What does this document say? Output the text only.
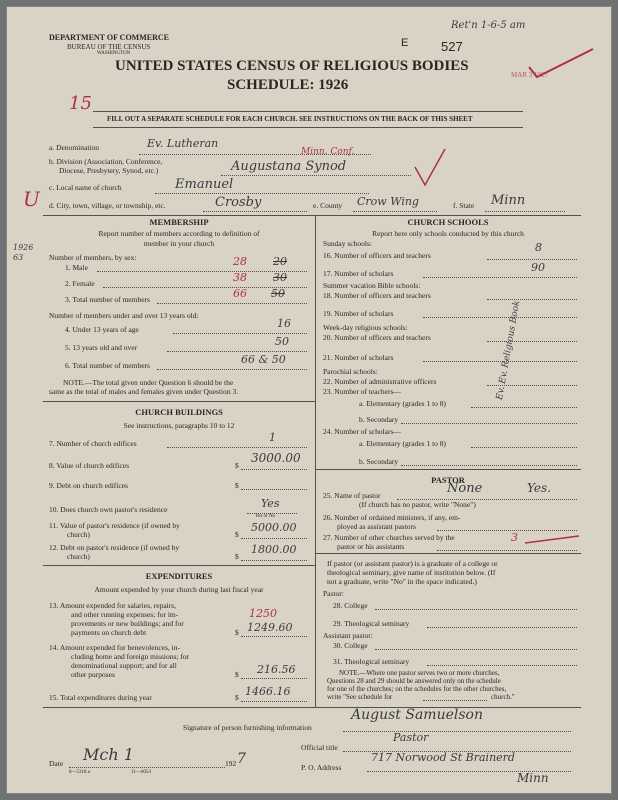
DEPARTMENT OF COMMERCE
BUREAU OF THE CENSUS
WASHINGTON
E	527
Ret'n 1-6-5 am
MAR 3 1927
UNITED STATES CENSUS OF RELIGIOUS BODIES
SCHEDULE: 1926
15
FILL OUT A SEPARATE SCHEDULE FOR EACH CHURCH. SEE INSTRUCTIONS ON THE BACK OF THIS SHEET
a. Denomination	Ev. Lutheran
b. Division (Association, Conference,
Diocese, Presbytery, Synod, etc.)	Augustana Synod
Minn. Conf.
c. Local name of church	Emanuel
U d. City, town, village, or township, etc.	Crosby	e. County Crow Wing	f. State Minn
MEMBERSHIP
Report number of members according to definition of
member in your church
Number of members, by sex:
1. Male	28 20
2. Female	38 30
1926 63
3. Total number of members	66 50
Number of members under and over 13 years old:
4. Under 13 years of age	16
5. 13 years old and over	50
6. Total number of members	66 & 50
NOTE.—The total given under Question 6 should be the
same as the total of males and females given under Question 3.
CHURCH BUILDINGS
See instructions, paragraphs 10 to 12
7. Number of church edifices	1
8. Value of church edifices	$
3000.00
9. Debt on church edifices	$
10. Does church own pastor's residence
Yes or No
Yes
11. Value of pastor's residence (if owned by
church)	$
5000.00
12. Debt on pastor's residence (if owned by
church)	$
1800.00
EXPENDITURES
Amount expended by your church during last fiscal year
13. Amount expended for salaries, repairs,
and other running expenses; for im-
provements or new buildings; and for
payments on church debt	$
1250
1249.60
14. Amount expended for benevolences, in-
cluding home and foreign missions; for
denominational support; and for all
other purposes	$ 216.56
15. Total expenditures during year	$ 1466.16
CHURCH SCHOOLS
Report here only schools conducted by this church
Sunday schools:
16. Number of officers and teachers
8
17. Number of scholars	90
Summer vacation Bible schools:
18. Number of officers and teachers
19. Number of scholars
Week-day religious schools:
20. Number of officers and teachers
21. Number of scholars
Parochial schools:
22. Number of administrative officers
23. Number of teachers—
a. Elementary (grades 1 to 8)
b. Secondary
24. Number of scholars—
a. Elementary (grades 1 to 8)
b. Secondary
Ev. Ev. Religious Book
PASTOR
25. Name of pastor	None	Yes.
(If church has no pastor, write "None")
26. Number of ordained ministers, if any, em-
ployed as assistant pastors
27. Number of other churches served by the
pastor or his assistants
3
If pastor (or assistant pastor) is a graduate of a college or
theological seminary, give name of institution below. (If
not a graduate, write "No" in the space indicated.)
Pastor:
28. College
29. Theological seminary
Assistant pastor:
30. College
31. Theological seminary
NOTE.—Where one pastor serves two or more churches,
Questions 28 and 29 should be answered only on the schedule
for one of the churches; on the schedules for the other churches,
write "See schedule for	church."
Signature of person furnishing information
August Samuelson
Official title
Pastor
Date Mch 1	192 7
P. O. Address
717 Norwood St Brainerd
Minn
8—5318 a	11—6054
